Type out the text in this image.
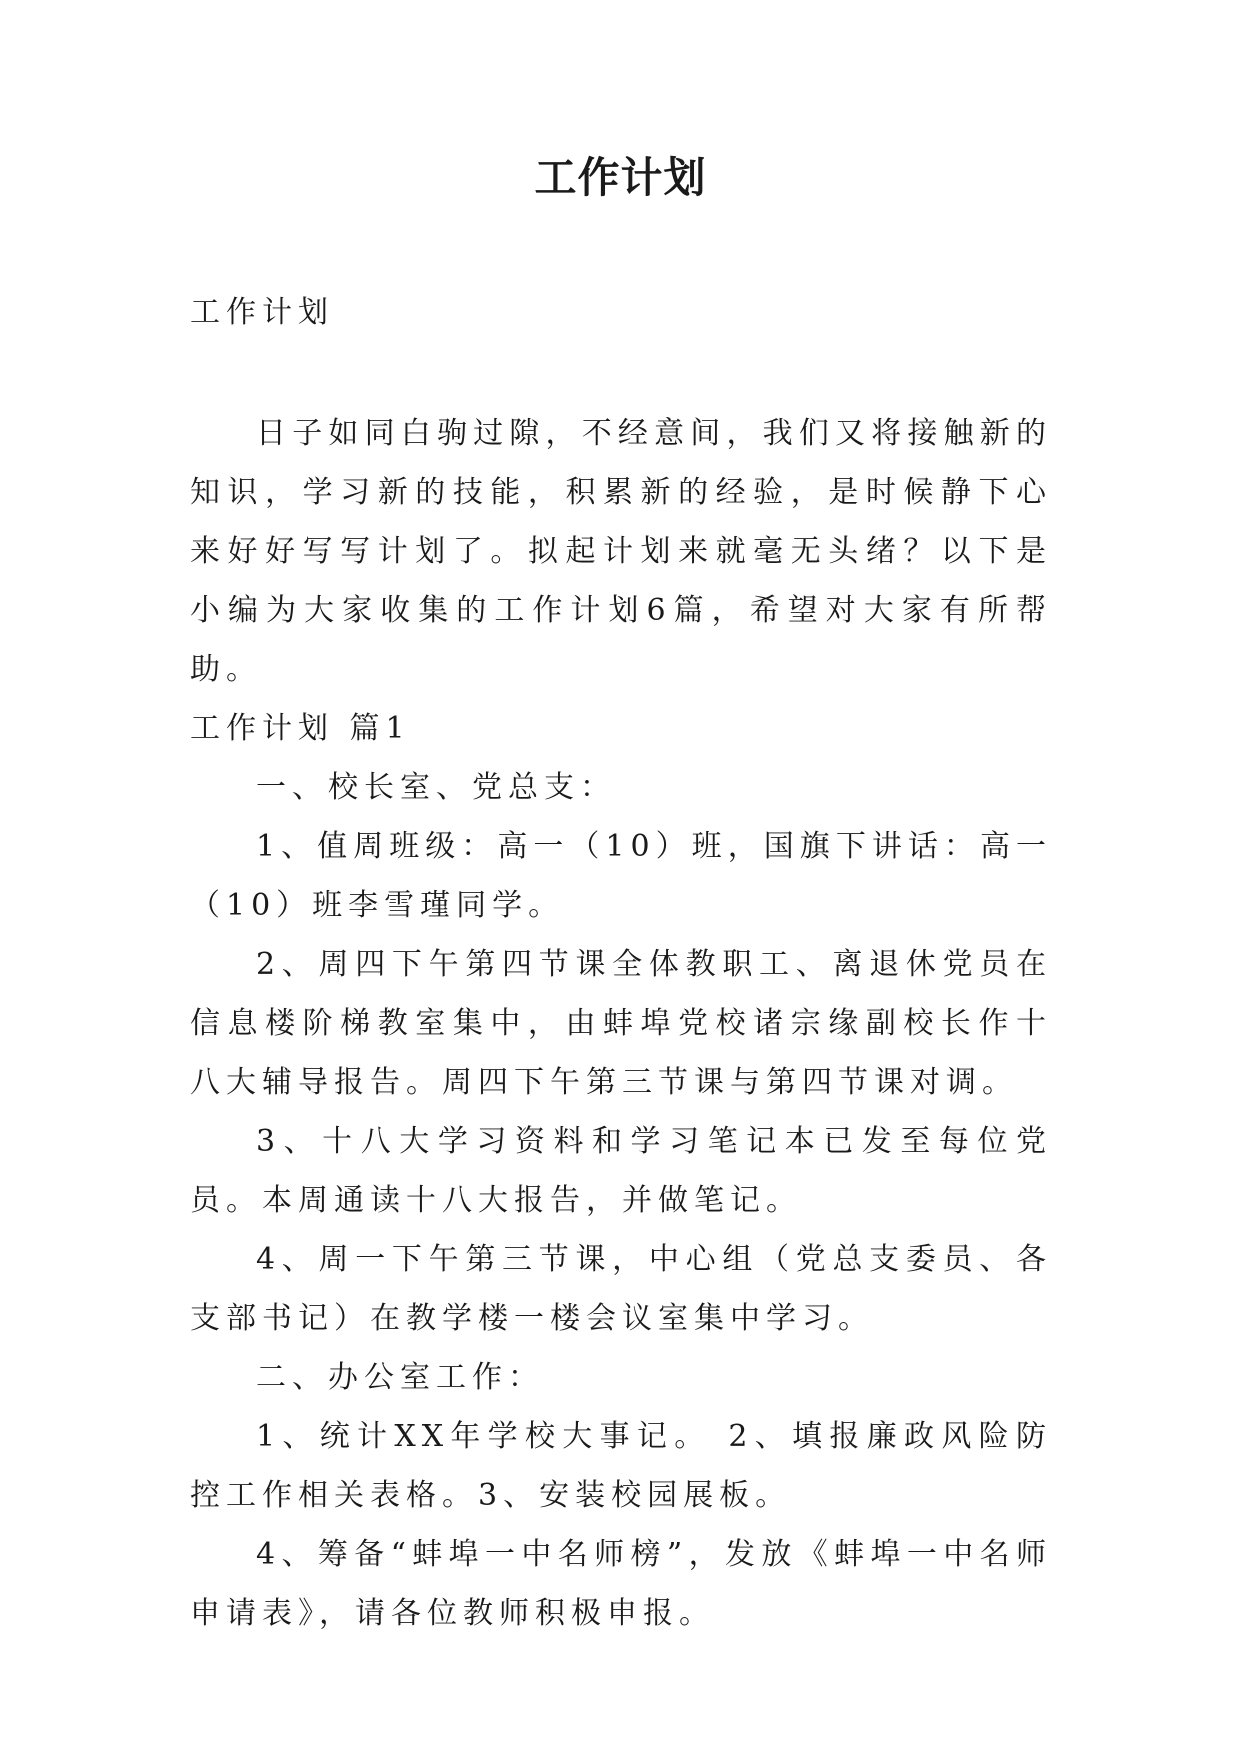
工作计划

工作计划

日子如同白驹过隙，不经意间，我们又将接触新的知识，学习新的技能，积累新的经验，是时候静下心来好好写写计划了。拟起计划来就毫无头绪？以下是小编为大家收集的工作计划6篇，希望对大家有所帮助。

工作计划 篇1

一、校长室、党总支：

1、值周班级：高一（10）班，国旗下讲话：高一（10）班李雪瑾同学。

2、周四下午第四节课全体教职工、离退休党员在信息楼阶梯教室集中，由蚌埠党校诸宗缘副校长作十八大辅导报告。周四下午第三节课与第四节课对调。

3、十八大学习资料和学习笔记本已发至每位党员。本周通读十八大报告，并做笔记。

4、周一下午第三节课，中心组（党总支委员、各支部书记）在教学楼一楼会议室集中学习。

二、办公室工作：

1、统计XX年学校大事记。 2、填报廉政风险防控工作相关表格。3、安装校园展板。

4、筹备“蚌埠一中名师榜”，发放《蚌埠一中名师申请表》，请各位教师积极申报。
